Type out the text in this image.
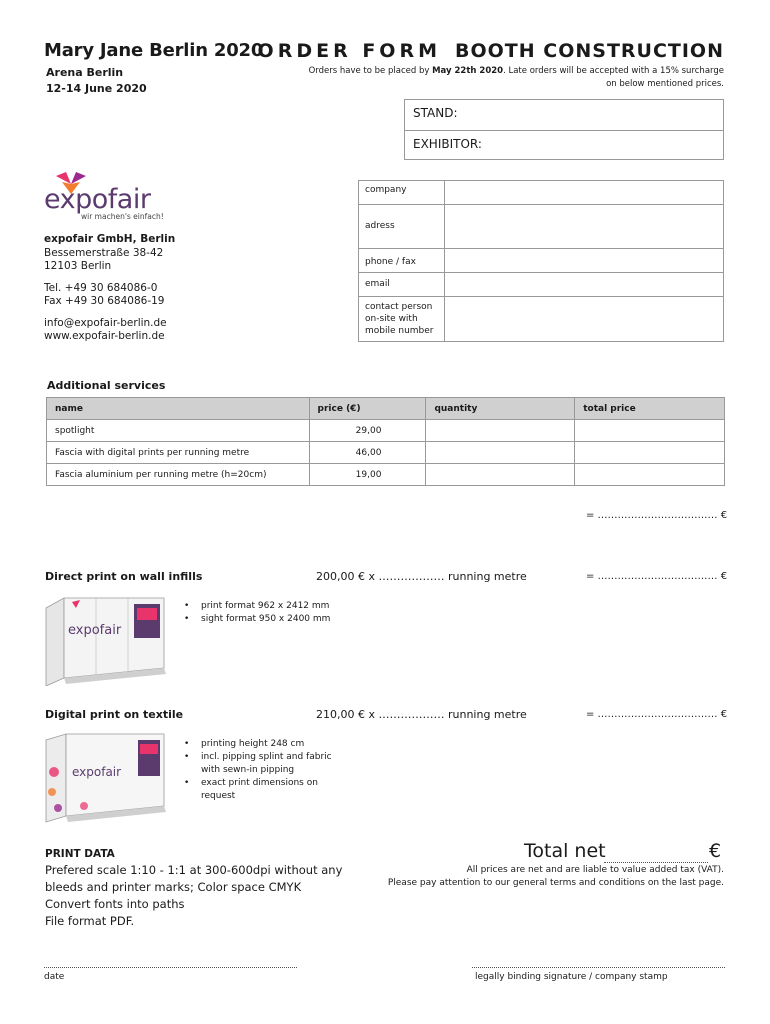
Mary Jane Berlin 2020
Arena Berlin
12-14 June 2020
ORDER FORM BOOTH CONSTRUCTION
Orders have to be placed by May 22th 2020. Late orders will be accepted with a 15% surcharge on below mentioned prices.
STAND:
EXHIBITOR:
expofair
wir machen's einfach!
expofair GmbH, Berlin
Bessemerstraße 38-42
12103 Berlin
Tel. +49 30 684086-0
Fax +49 30 684086-19
info@expofair-berlin.de
www.expofair-berlin.de
company	
adress	
phone / fax	
email	
contact person on-site with mobile number	
Additional services
name	price (€)	quantity	total price
spotlight	29,00		
Fascia with digital prints per running metre	46,00		
Fascia aluminium per running metre (h=20cm)	19,00		
= ……………………………… €
Direct print on wall infills	200,00 € x ……………… running metre	= ……………………………… €
expofair
• print format 962 x 2412 mm
• sight format 950 x 2400 mm
Digital print on textile	210,00 € x ……………… running metre	= ……………………………… €
expofair
• printing height 248 cm
• incl. pipping splint and fabric with sewn-in pipping
• exact print dimensions on request
PRINT DATA
Prefered scale 1:10 - 1:1 at 300-600dpi without any bleeds and printer marks; Color space CMYK
Convert fonts into paths
File format PDF.
Total net	€
All prices are net and are liable to value added tax (VAT).
Please pay attention to our general terms and conditions on the last page.
date	legally binding signature / company stamp
